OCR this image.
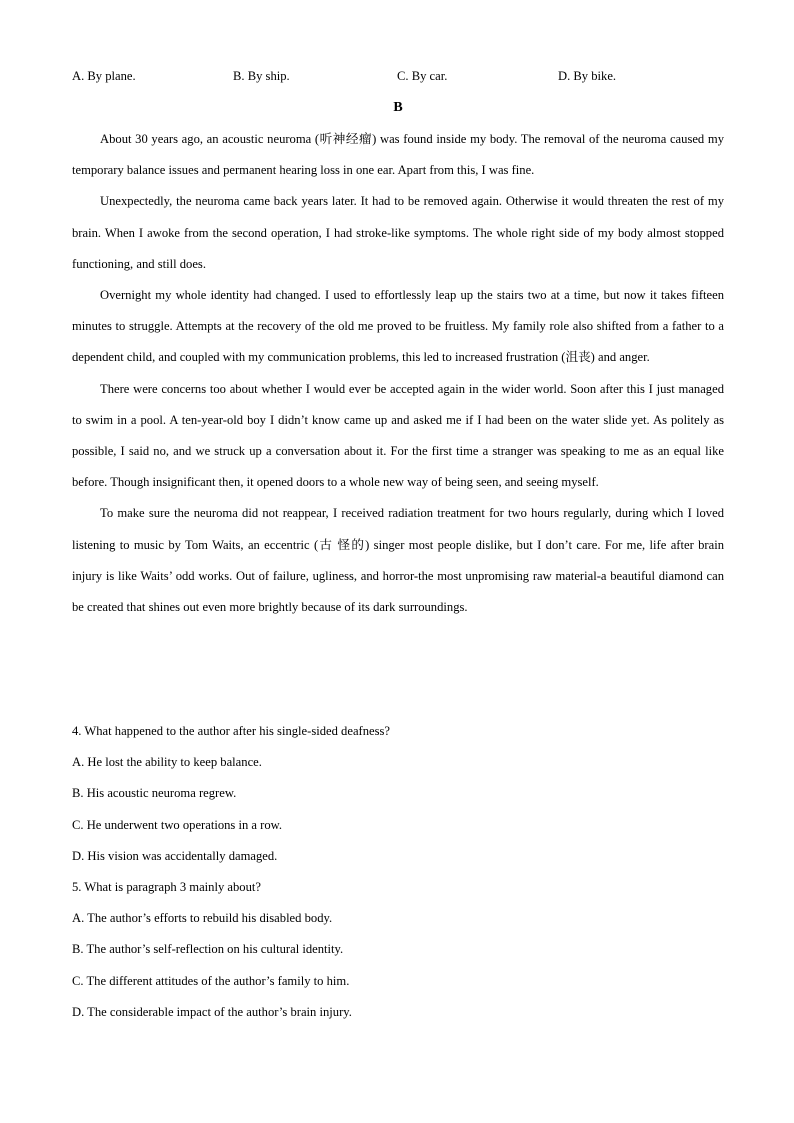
A. By plane.	B. By ship.	C. By car.	D. By bike.
B

About 30 years ago, an acoustic neuroma (听神经瘤) was found inside my body. The removal of the neuroma caused my temporary balance issues and permanent hearing loss in one ear. Apart from this, I was fine.

Unexpectedly, the neuroma came back years later. It had to be removed again. Otherwise it would threaten the rest of my brain. When I awoke from the second operation, I had stroke-like symptoms. The whole right side of my body almost stopped functioning, and still does.

Overnight my whole identity had changed. I used to effortlessly leap up the stairs two at a time, but now it takes fifteen minutes to struggle. Attempts at the recovery of the old me proved to be fruitless. My family role also shifted from a father to a dependent child, and coupled with my communication problems, this led to increased frustration (沮丧) and anger.

There were concerns too about whether I would ever be accepted again in the wider world. Soon after this I just managed to swim in a pool. A ten-year-old boy I didn’t know came up and asked me if I had been on the water slide yet. As politely as possible, I said no, and we struck up a conversation about it. For the first time a stranger was speaking to me as an equal like before. Though insignificant then, it opened doors to a whole new way of being seen, and seeing myself.

To make sure the neuroma did not reappear, I received radiation treatment for two hours regularly, during which I loved listening to music by Tom Waits, an eccentric (古 怪的) singer most people dislike, but I don’t care. For me, life after brain injury is like Waits’ odd works. Out of failure, ugliness, and horror-the most unpromising raw material-a beautiful diamond can be created that shines out even more brightly because of its dark surroundings.

4. What happened to the author after his single-sided deafness?

A. He lost the ability to keep balance.

B. His acoustic neuroma regrew.

C. He underwent two operations in a row.

D. His vision was accidentally damaged.

5. What is paragraph 3 mainly about?

A. The author’s efforts to rebuild his disabled body.

B. The author’s self-reflection on his cultural identity.

C. The different attitudes of the author’s family to him.

D. The considerable impact of the author’s brain injury.
